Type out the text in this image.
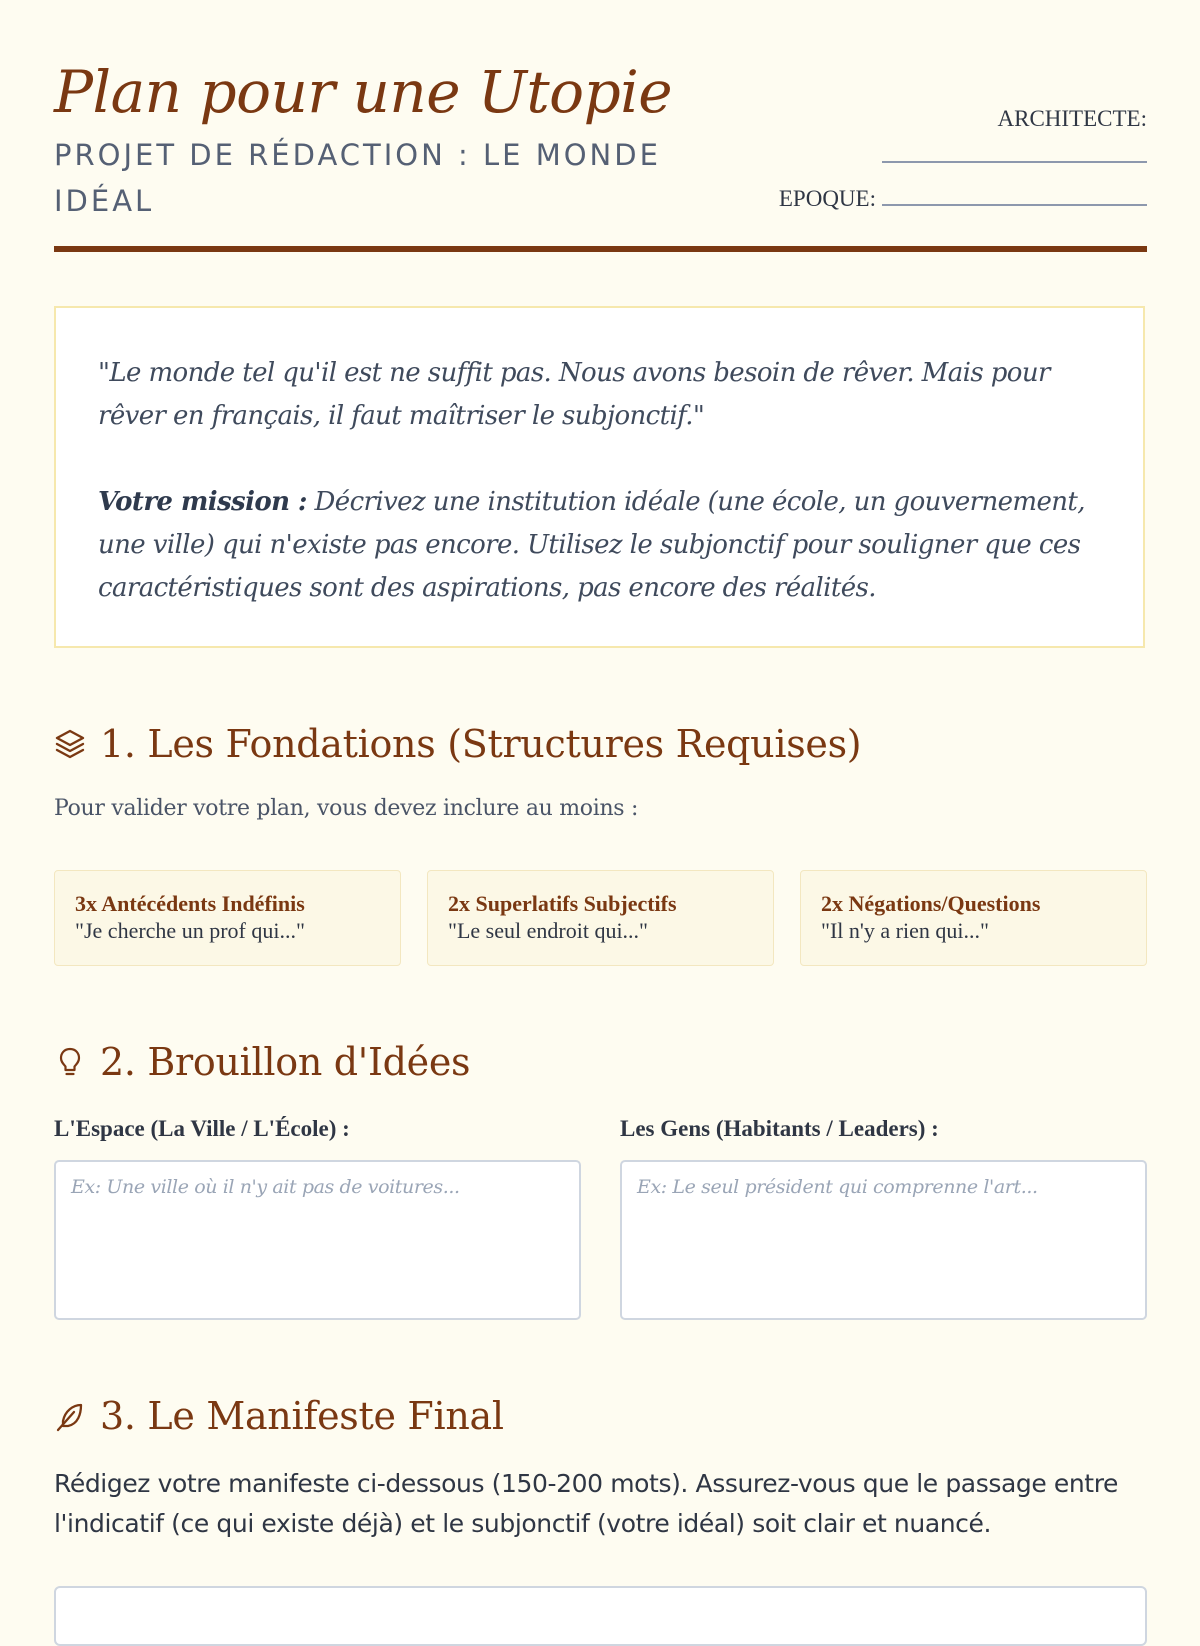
Plan pour une Utopie
PROJET DE RÉDACTION : LE MONDE IDÉAL
ARCHITECTE:
EPOQUE:

"Le monde tel qu'il est ne suffit pas. Nous avons besoin de rêver. Mais pour rêver en français, il faut maîtriser le subjonctif."

Votre mission : Décrivez une institution idéale (une école, un gouvernement, une ville) qui n'existe pas encore. Utilisez le subjonctif pour souligner que ces caractéristiques sont des aspirations, pas encore des réalités.

1. Les Fondations (Structures Requises)
Pour valider votre plan, vous devez inclure au moins :
3x Antécédents Indéfinis
"Je cherche un prof qui..."
2x Superlatifs Subjectifs
"Le seul endroit qui..."
2x Négations/Questions
"Il n'y a rien qui..."
2. Brouillon d'Idées
L'Espace (La Ville / L'École) :	Les Gens (Habitants / Leaders) :
Ex: Une ville où il n'y ait pas de voitures...
Ex: Le seul président qui comprenne l'art...
3. Le Manifeste Final
Rédigez votre manifeste ci-dessous (150-200 mots). Assurez-vous que le passage entre l'indicatif (ce qui existe déjà) et le subjonctif (votre idéal) soit clair et nuancé.
